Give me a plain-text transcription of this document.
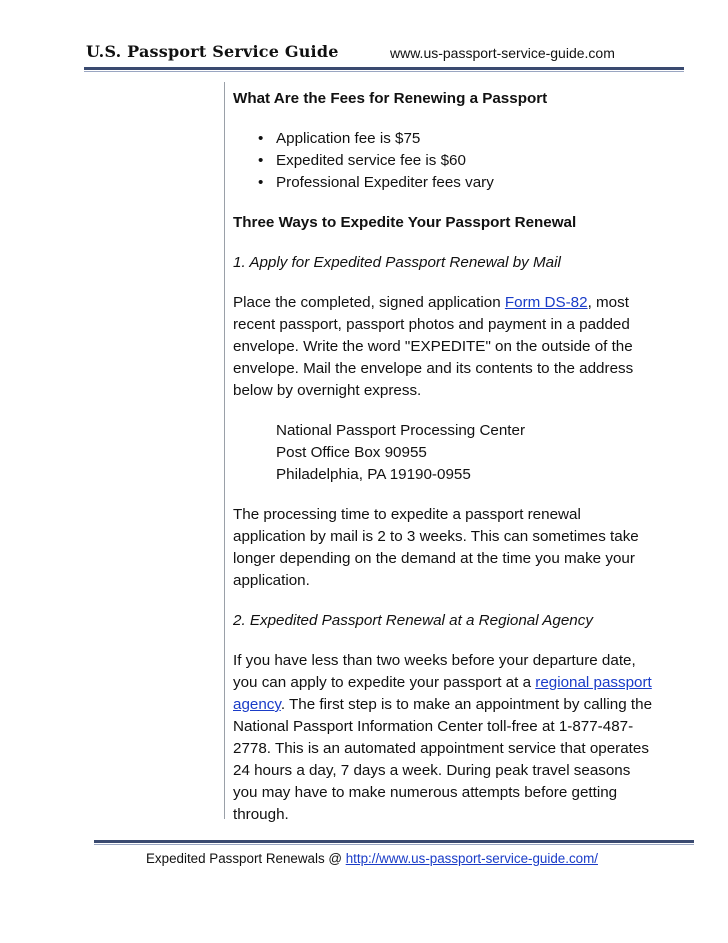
U.S. Passport Service Guide	www.us-passport-service-guide.com
What Are the Fees for Renewing a Passport
• Application fee is $75
• Expedited service fee is $60
• Professional Expediter fees vary
Three Ways to Expedite Your Passport Renewal
1. Apply for Expedited Passport Renewal by Mail
Place the completed, signed application Form DS-82, most recent passport, passport photos and payment in a padded envelope. Write the word "EXPEDITE" on the outside of the envelope. Mail the envelope and its contents to the address below by overnight express.
National Passport Processing Center
Post Office Box 90955
Philadelphia, PA 19190-0955
The processing time to expedite a passport renewal application by mail is 2 to 3 weeks. This can sometimes take longer depending on the demand at the time you make your application.
2. Expedited Passport Renewal at a Regional Agency
If you have less than two weeks before your departure date, you can apply to expedite your passport at a regional passport agency. The first step is to make an appointment by calling the National Passport Information Center toll-free at 1-877-487-2778. This is an automated appointment service that operates 24 hours a day, 7 days a week. During peak travel seasons you may have to make numerous attempts before getting through.
Expedited Passport Renewals @ http://www.us-passport-service-guide.com/
